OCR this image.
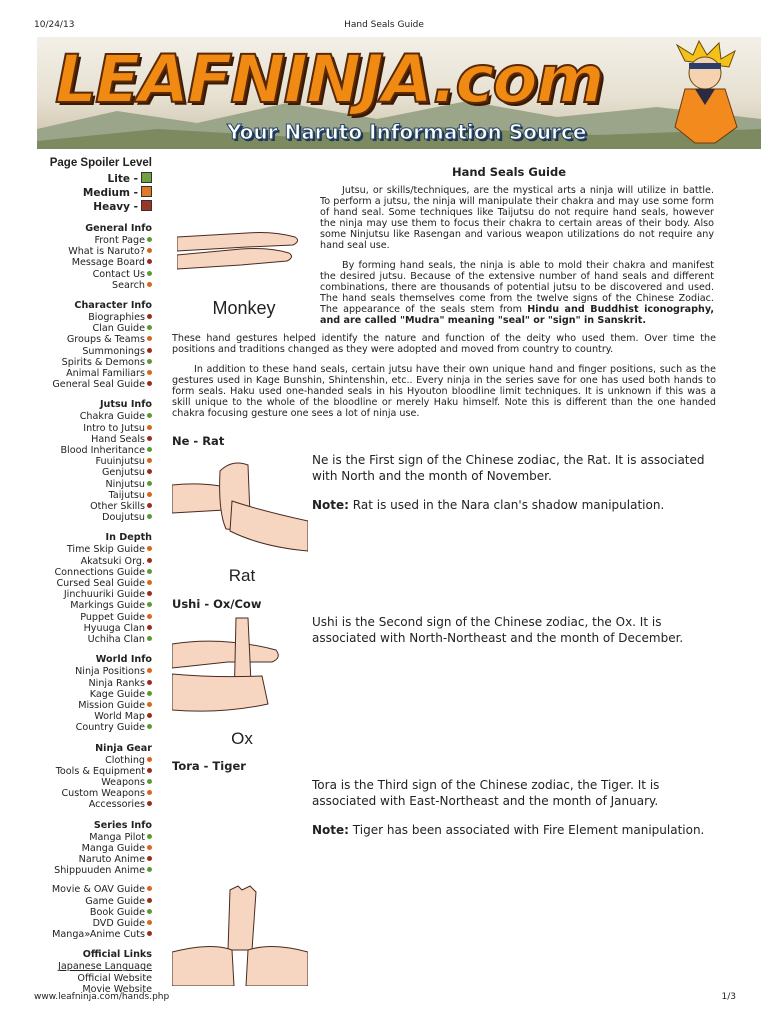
10/24/13	Hand Seals Guide
LEAFNINJA.com
Your Naruto Information Source
Page Spoiler Level
Lite -
Medium -
Heavy -
General Info
Front Page
What is Naruto?
Message Board
Contact Us
Search
Character Info
Biographies
Clan Guide
Groups & Teams
Summonings
Spirits & Demons
Animal Familiars
General Seal Guide
Jutsu Info
Chakra Guide
Intro to Jutsu
Hand Seals
Blood Inheritance
Fuuinjutsu
Genjutsu
Ninjutsu
Taijutsu
Other Skills
Doujutsu
In Depth
Time Skip Guide
Akatsuki Org.
Connections Guide
Cursed Seal Guide
Jinchuuriki Guide
Markings Guide
Puppet Guide
Hyuuga Clan
Uchiha Clan
World Info
Ninja Positions
Ninja Ranks
Kage Guide
Mission Guide
World Map
Country Guide
Ninja Gear
Clothing
Tools & Equipment
Weapons
Custom Weapons
Accessories
Series Info
Manga Pilot
Manga Guide
Naruto Anime
Shippuuden Anime
Movie & OAV Guide
Game Guide
Book Guide
DVD Guide
Manga»Anime Cuts
Official Links
Japanese Language
Official Website
Movie Website
Hand Seals Guide
Monkey

Jutsu, or skills/techniques, are the mystical arts a ninja will utilize in battle. To perform a jutsu, the ninja will manipulate their chakra and may use some form of hand seal. Some techniques like Taijutsu do not require hand seals, however the ninja may use them to focus their chakra to certain areas of their body. Also some Ninjutsu like Rasengan and various weapon utilizations do not require any hand seal use.

By forming hand seals, the ninja is able to mold their chakra and manifest the desired jutsu. Because of the extensive number of hand seals and different combinations, there are thousands of potential jutsu to be discovered and used. The hand seals themselves come from the twelve signs of the Chinese Zodiac. The appearance of the seals stem from Hindu and Buddhist iconography, and are called "Mudra" meaning "seal" or "sign" in Sanskrit.

These hand gestures helped identify the nature and function of the deity who used them. Over time the positions and traditions changed as they were adopted and moved from country to country.

In addition to these hand seals, certain jutsu have their own unique hand and finger positions, such as the gestures used in Kage Bunshin, Shintenshin, etc.. Every ninja in the series save for one has used both hands to form seals. Haku used one-handed seals in his Hyouton bloodline limit techniques. It is unknown if this was a skill unique to the whole of the bloodline or merely Haku himself. Note this is different than the one handed chakra focusing gesture one sees a lot of ninja use.

Ne - Rat
Rat

Ne is the First sign of the Chinese zodiac, the Rat. It is associated with North and the month of November.

Note: Rat is used in the Nara clan's shadow manipulation.

Ushi - Ox/Cow
Ox

Ushi is the Second sign of the Chinese zodiac, the Ox. It is associated with North-Northeast and the month of December.

Tora - Tiger

Tora is the Third sign of the Chinese zodiac, the Tiger. It is associated with East-Northeast and the month of January.

Note: Tiger has been associated with Fire Element manipulation.

www.leafninja.com/hands.php	1/3
